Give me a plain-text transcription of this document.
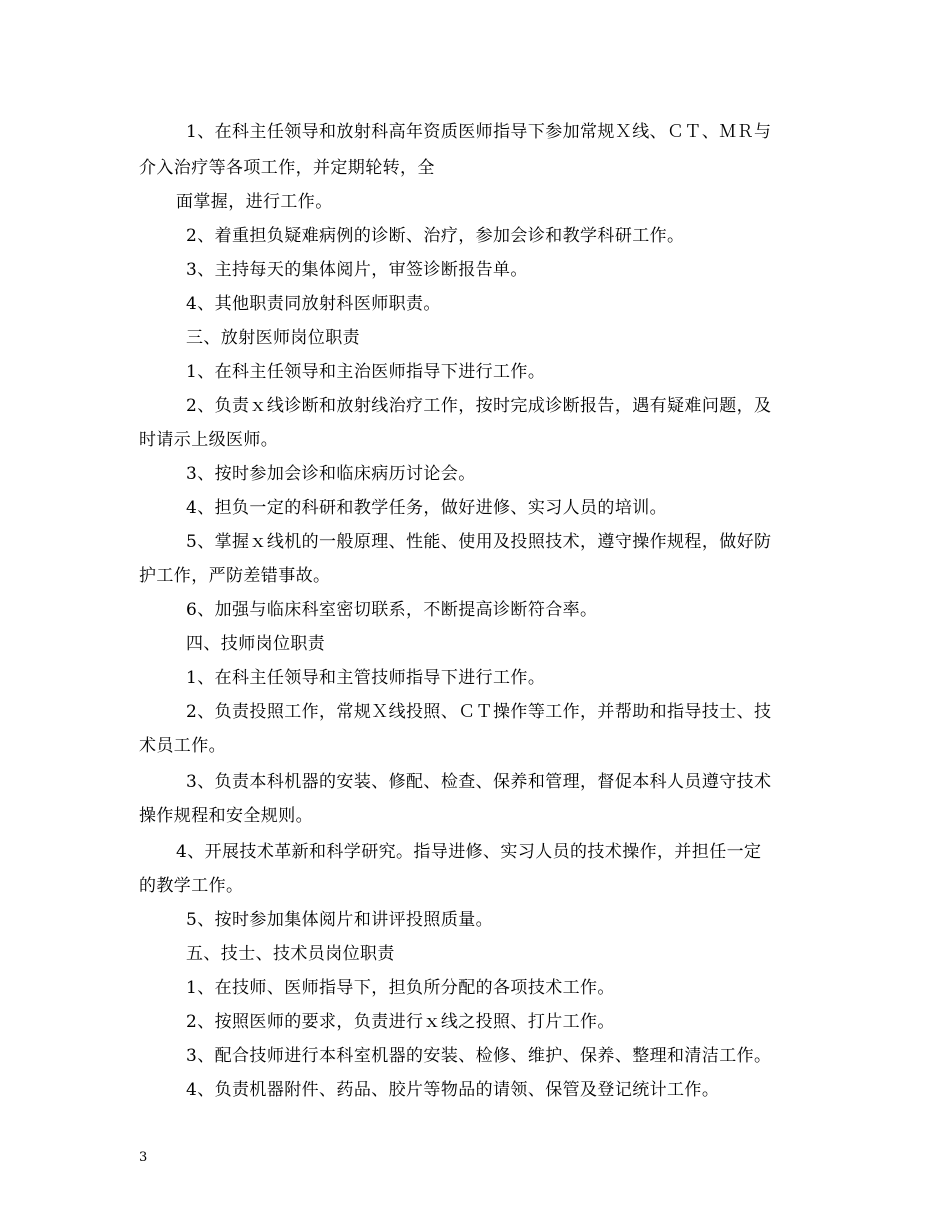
1、在科主任领导和放射科高年资质医师指导下参加常规Ｘ线、ＣＴ、ＭＲ与
介入治疗等各项工作，并定期轮转，全
面掌握，进行工作。
2、着重担负疑难病例的诊断、治疗，参加会诊和教学科研工作。
3、主持每天的集体阅片，审签诊断报告单。
4、其他职责同放射科医师职责。
三、放射医师岗位职责
1、在科主任领导和主治医师指导下进行工作。
2、负责ｘ线诊断和放射线治疗工作，按时完成诊断报告，遇有疑难问题，及
时请示上级医师。
3、按时参加会诊和临床病历讨论会。
4、担负一定的科研和教学任务，做好进修、实习人员的培训。
5、掌握ｘ线机的一般原理、性能、使用及投照技术，遵守操作规程，做好防
护工作，严防差错事故。
6、加强与临床科室密切联系，不断提高诊断符合率。
四、技师岗位职责
1、在科主任领导和主管技师指导下进行工作。
2、负责投照工作，常规Ｘ线投照、ＣＴ操作等工作，并帮助和指导技士、技
术员工作。
3、负责本科机器的安装、修配、检查、保养和管理，督促本科人员遵守技术
操作规程和安全规则。
4、开展技术革新和科学研究。指导进修、实习人员的技术操作，并担任一定
的教学工作。
5、按时参加集体阅片和讲评投照质量。
五、技士、技术员岗位职责
1、在技师、医师指导下，担负所分配的各项技术工作。
2、按照医师的要求，负责进行ｘ线之投照、打片工作。
3、配合技师进行本科室机器的安装、检修、维护、保养、整理和清洁工作。
4、负责机器附件、药品、胶片等物品的请领、保管及登记统计工作。
3
